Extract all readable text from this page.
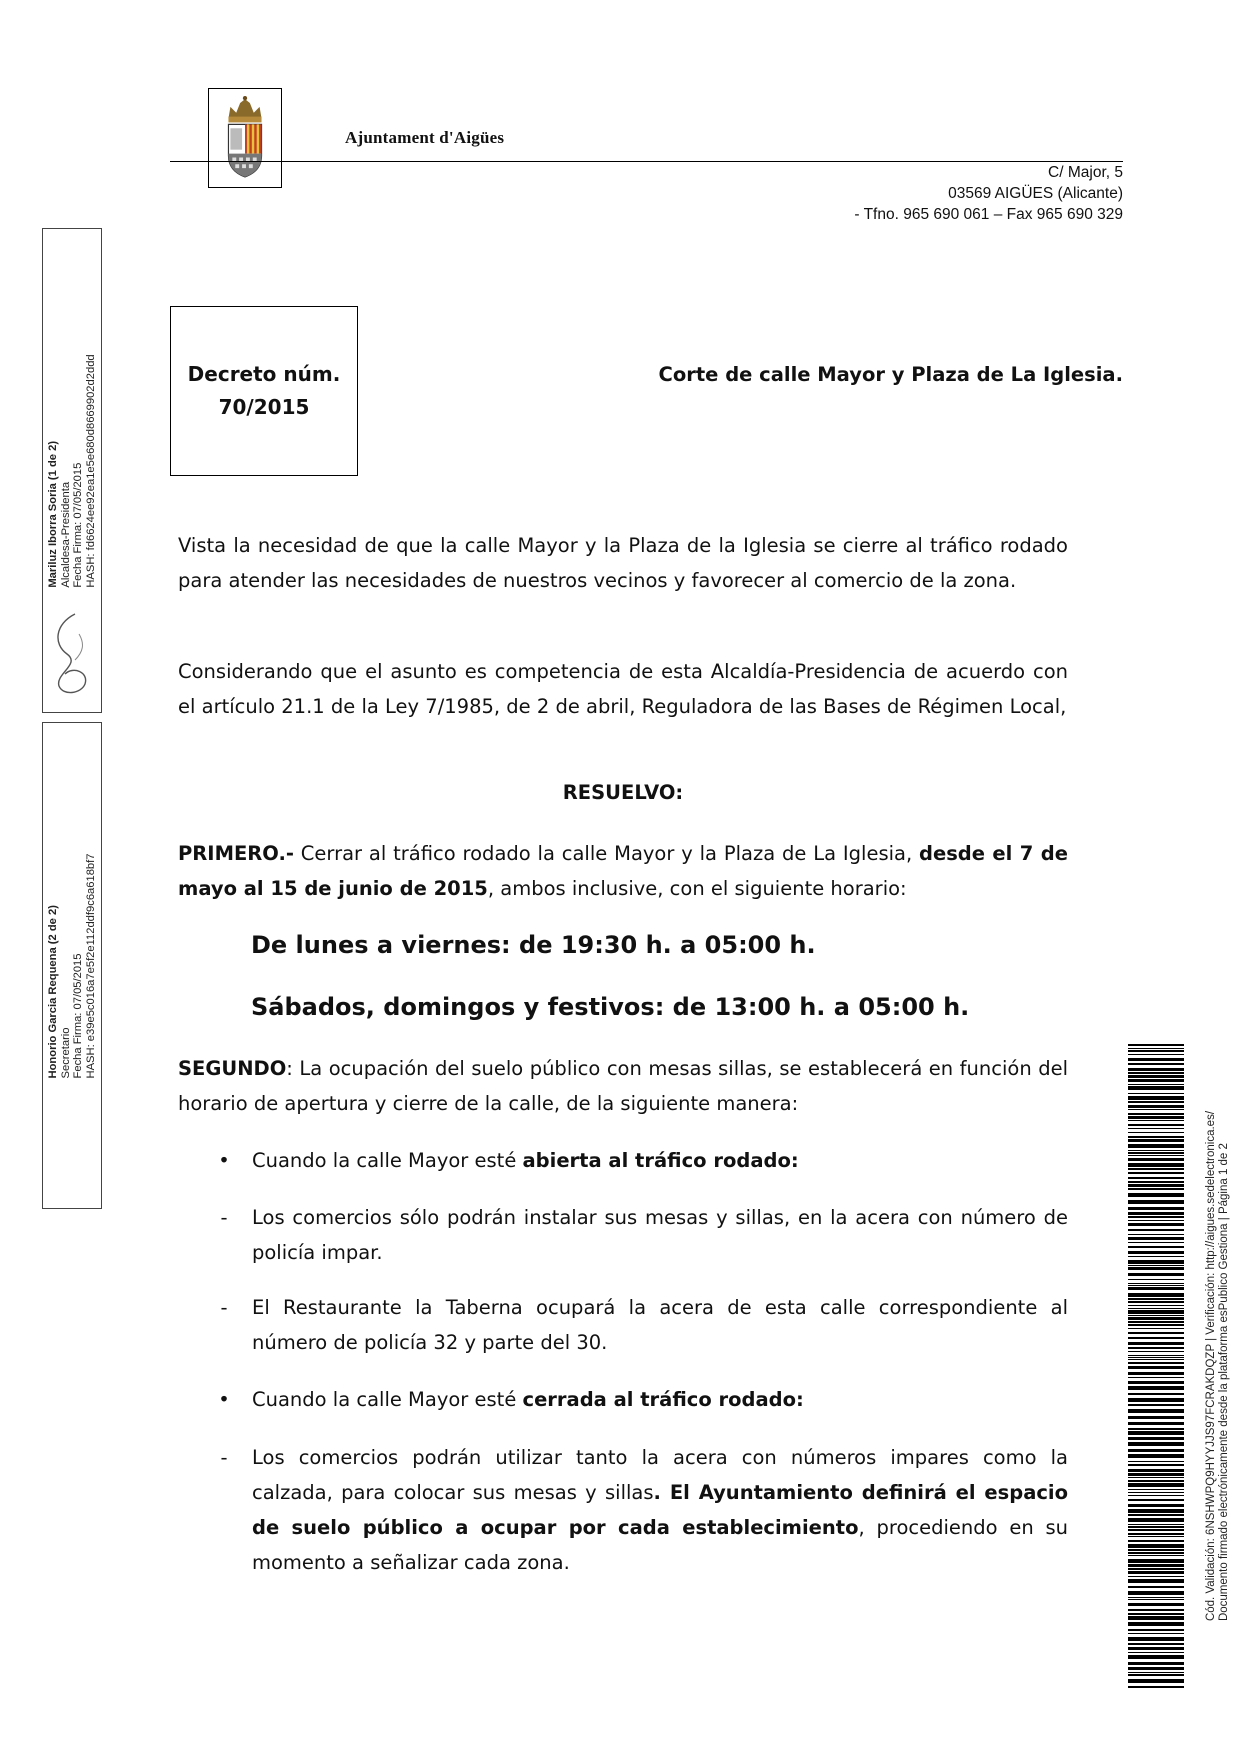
Ajuntament d'Aigües
C/ Major, 5
03569 AIGÜES (Alicante)
- Tfno. 965 690 061 – Fax 965 690 329
Mariluz Iborra Soria (1 de 2) Alcaldesa-Presidenta Fecha Firma: 07/05/2015 HASH: fd6624ee92ea1e5e680d8669902d2ddd
Honorio Garcia Requena (2 de 2) Secretario Fecha Firma: 07/05/2015 HASH: e39e5c016a7e5f2e112ddf9c6a618bf7
Decreto núm.
70/2015
Corte de calle Mayor y Plaza de La Iglesia.
Vista la necesidad de que la calle Mayor y la Plaza de la Iglesia se cierre al tráfico rodado para atender las necesidades de nuestros vecinos y favorecer al comercio de la zona.
Considerando que el asunto es competencia de esta Alcaldía-Presidencia de acuerdo con el artículo 21.1 de la Ley 7/1985, de 2 de abril, Reguladora de las Bases de Régimen Local,
RESUELVO:
PRIMERO.- Cerrar al tráfico rodado la calle Mayor y la Plaza de La Iglesia, desde el 7 de mayo al 15 de junio de 2015, ambos inclusive, con el siguiente horario:
De lunes a viernes: de 19:30 h. a 05:00 h.
Sábados, domingos y festivos: de 13:00 h. a 05:00 h.
SEGUNDO: La ocupación del suelo público con mesas sillas, se establecerá en función del horario de apertura y cierre de la calle, de la siguiente manera:
• Cuando la calle Mayor esté abierta al tráfico rodado:
-	Los comercios sólo podrán instalar sus mesas y sillas, en la acera con número de policía impar.
-	El Restaurante la Taberna ocupará la acera de esta calle correspondiente al número de policía 32 y parte del 30.
• Cuando la calle Mayor esté cerrada al tráfico rodado:
-	Los comercios podrán utilizar tanto la acera con números impares como la calzada, para colocar sus mesas y sillas. El Ayuntamiento definirá el espacio de suelo público a ocupar por cada establecimiento, procediendo en su momento a señalizar cada zona.	Cód. Validación: 6NSHWPQ9HYYJJS97FCRAKDQZP | Verificación: http://aigues.sedelectronica.es/ Documento firmado electrónicamente desde la plataforma esPublico Gestiona | Página 1 de 2
